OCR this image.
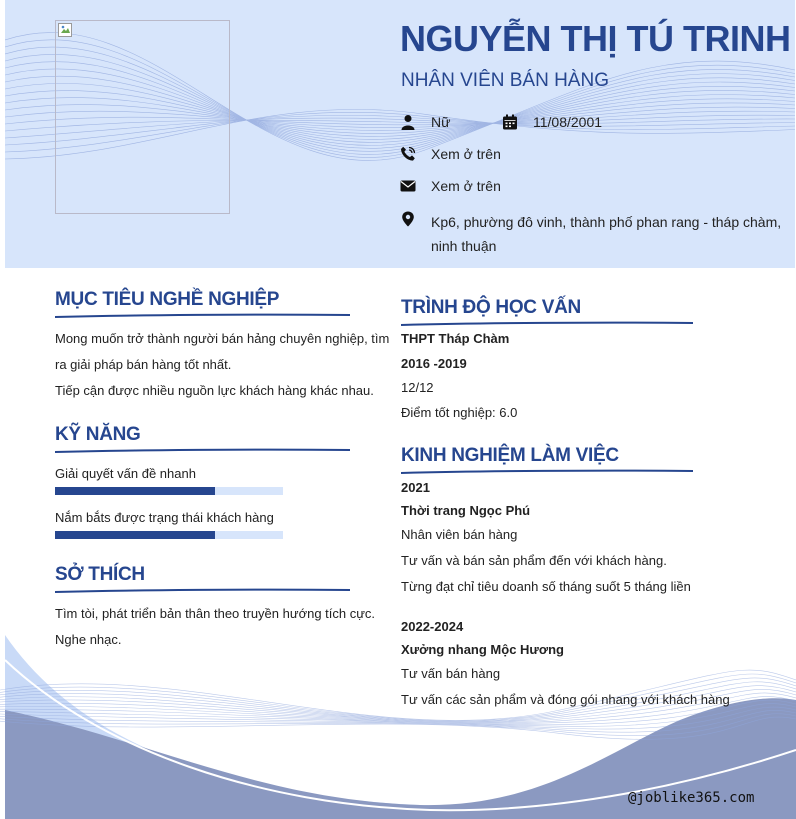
NGUYỄN THỊ TÚ TRINH
NHÂN VIÊN BÁN HÀNG
Nữ	11/08/2001
Xem ở trên
Xem ở trên
Kp6, phường đô vinh, thành phố phan rang - tháp chàm,
ninh thuận
MỤC TIÊU NGHỀ NGHIỆP
Mong muốn trở thành người bán hảng chuyên nghiệp, tìm
ra giải pháp bán hàng tốt nhất.
Tiếp cận được nhiều nguồn lực khách hàng khác nhau.
KỸ NĂNG
Giải quyết vấn đề nhanh
Nắm bắts được trạng thái khách hàng
SỞ THÍCH
Tìm tòi, phát triển bản thân theo truyền hướng tích cực.
Nghe nhạc.
TRÌNH ĐỘ HỌC VẤN
THPT Tháp Chàm
2016 -2019
12/12
Điểm tốt nghiệp: 6.0
KINH NGHIỆM LÀM VIỆC
2021
Thời trang Ngọc Phú
Nhân viên bán hàng
Tư vấn và bán sản phẩm đến với khách hàng.
Từng đạt chỉ tiêu doanh số tháng suốt 5 tháng liền
2022-2024
Xưởng nhang Mộc Hương
Tư vấn bán hàng
Tư vấn các sản phẩm và đóng gói nhang với khách hàng
@joblike365.com
